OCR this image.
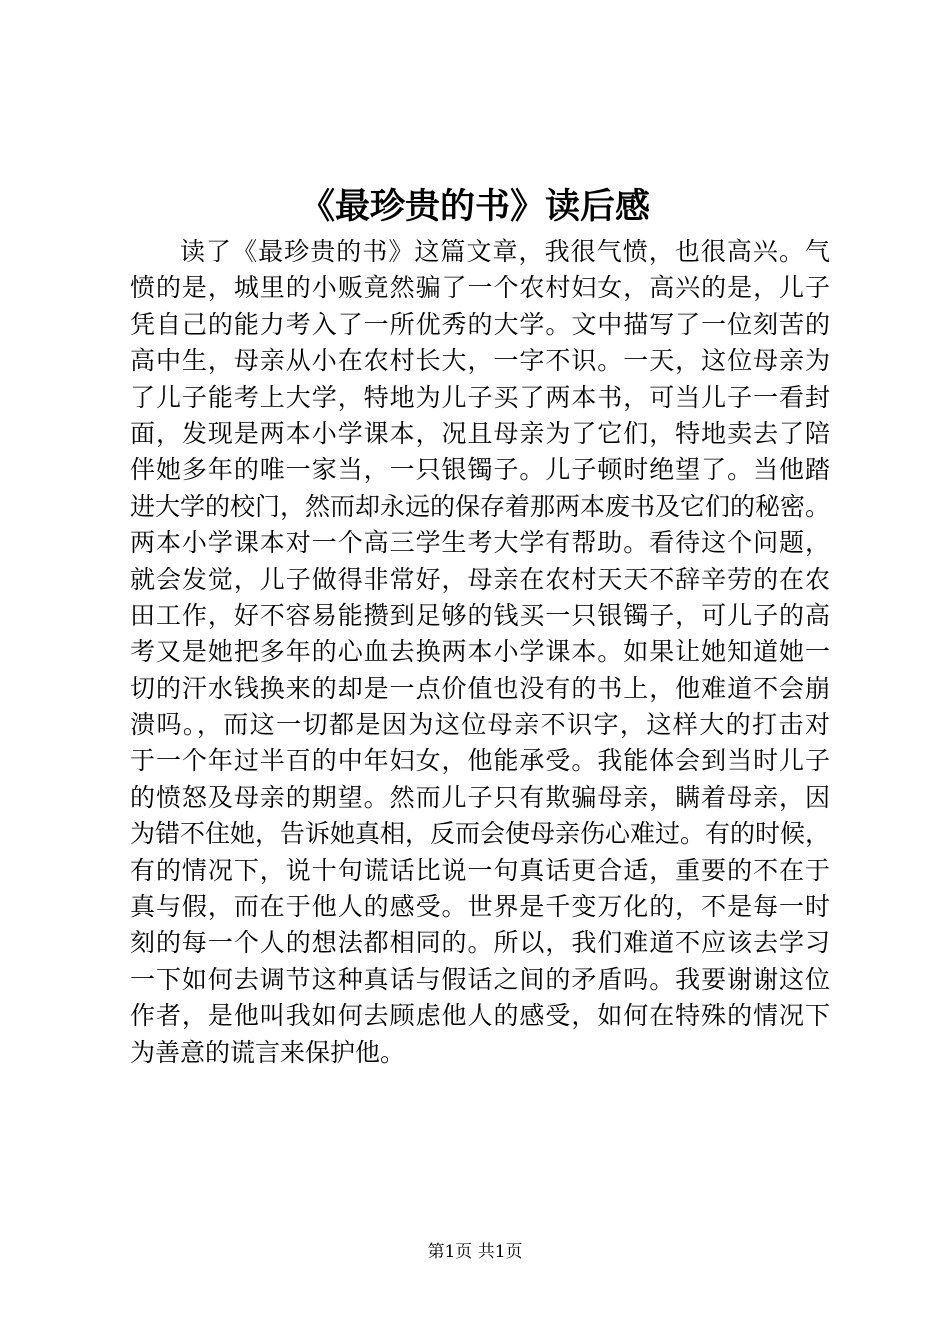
《最珍贵的书》读后感
读了《最珍贵的书》这篇文章，我很气愤，也很高兴。气
愤的是，城里的小贩竟然骗了一个农村妇女，高兴的是，儿子
凭自己的能力考入了一所优秀的大学。文中描写了一位刻苦的
高中生，母亲从小在农村长大，一字不识。一天，这位母亲为
了儿子能考上大学，特地为儿子买了两本书，可当儿子一看封
面，发现是两本小学课本，况且母亲为了它们，特地卖去了陪
伴她多年的唯一家当，一只银镯子。儿子顿时绝望了。当他踏
进大学的校门，然而却永远的保存着那两本废书及它们的秘密。
两本小学课本对一个高三学生考大学有帮助。看待这个问题，
就会发觉，儿子做得非常好，母亲在农村天天不辞辛劳的在农
田工作，好不容易能攒到足够的钱买一只银镯子，可儿子的高
考又是她把多年的心血去换两本小学课本。如果让她知道她一
切的汗水钱换来的却是一点价值也没有的书上，他难道不会崩
溃吗。，而这一切都是因为这位母亲不识字，这样大的打击对
于一个年过半百的中年妇女，他能承受。我能体会到当时儿子
的愤怒及母亲的期望。然而儿子只有欺骗母亲，瞒着母亲，因
为错不住她，告诉她真相，反而会使母亲伤心难过。有的时候，
有的情况下，说十句谎话比说一句真话更合适，重要的不在于
真与假，而在于他人的感受。世界是千变万化的，不是每一时
刻的每一个人的想法都相同的。所以，我们难道不应该去学习
一下如何去调节这种真话与假话之间的矛盾吗。我要谢谢这位
作者，是他叫我如何去顾虑他人的感受，如何在特殊的情况下
为善意的谎言来保护他。
第1页 共1页
